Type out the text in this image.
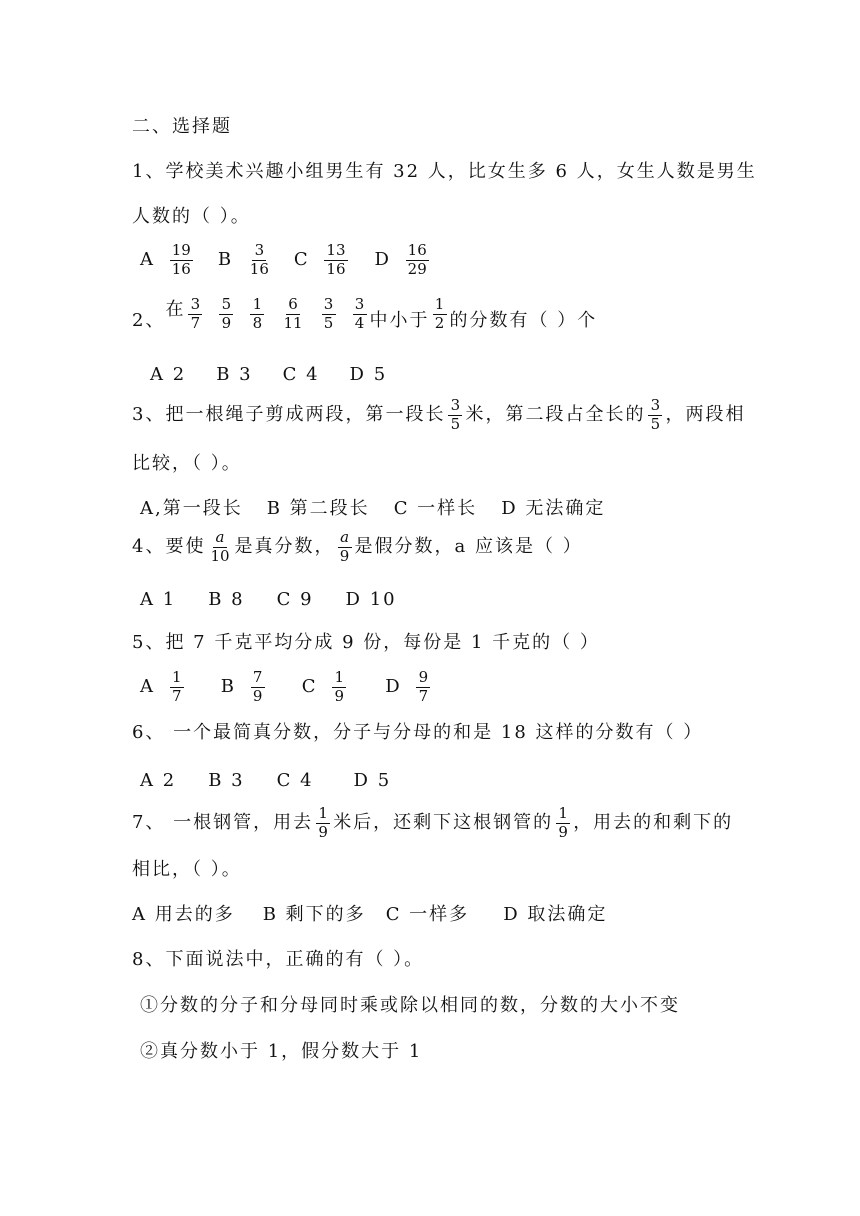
二、选择题
1、学校美术兴趣小组男生有 32 人，比女生多 6 人，女生人数是男生
人数的（ ）。
A $\frac{19}{16}$ B $\frac{3}{16}$ C $\frac{13}{16}$ D $\frac{16}{29}$
2、 在 $\frac{3}{7} \frac{5}{9} \frac{1}{8} \frac{6}{11} \frac{3}{5} \frac{3}{4}$ 中小于 $\frac{1}{2}$ 的分数有（ ）个
A 2 B 3 C 4 D 5
3、把一根绳子剪成两段，第一段长 $\frac{3}{5}$ 米，第二段占全长的 $\frac{3}{5}$ ，两段相
比较，（ ）。
A,第一段长 B 第二段长 C 一样长 D 无法确定
4、要使 $\frac{a}{10}$ 是真分数， $\frac{a}{9}$ 是假分数，a 应该是（ ）
A 1 B 8 C 9 D 10
5、把 7 千克平均分成 9 份，每份是 1 千克的（ ）
A $\frac{1}{7}$ B $\frac{7}{9}$ C $\frac{1}{9}$ D $\frac{9}{7}$
6、 一个最简真分数，分子与分母的和是 18 这样的分数有（ ）
A 2 B 3 C 4 D 5
7、 一根钢管，用去 $\frac{1}{9}$ 米后，还剩下这根钢管的 $\frac{1}{9}$ ，用去的和剩下的
相比，（ ）。
A 用去的多 B 剩下的多 C 一样多 D 取法确定
8、下面说法中，正确的有（ ）。
①分数的分子和分母同时乘或除以相同的数，分数的大小不变
②真分数小于 1，假分数大于 1
